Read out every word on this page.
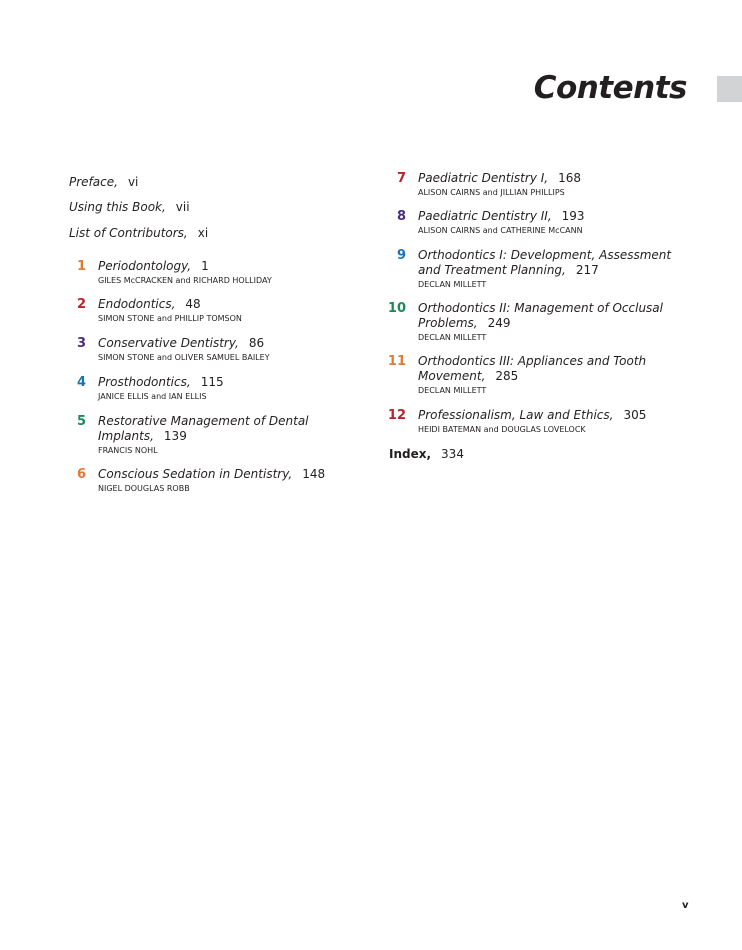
Contents
Preface, vi
Using this Book, vii
List of Contributors, xi
1 Periodontology, 1
GILES McCRACKEN and RICHARD HOLLIDAY
2 Endodontics, 48
SIMON STONE and PHILLIP TOMSON
3 Conservative Dentistry, 86
SIMON STONE and OLIVER SAMUEL BAILEY
4 Prosthodontics, 115
JANICE ELLIS and IAN ELLIS
5 Restorative Management of Dental
Implants, 139
FRANCIS NOHL
6 Conscious Sedation in Dentistry, 148
NIGEL DOUGLAS ROBB
7 Paediatric Dentistry I, 168
ALISON CAIRNS and JILLIAN PHILLIPS
8 Paediatric Dentistry II, 193
ALISON CAIRNS and CATHERINE McCANN
9 Orthodontics I: Development, Assessment
and Treatment Planning, 217
DECLAN MILLETT
10 Orthodontics II: Management of Occlusal
Problems, 249
DECLAN MILLETT
11 Orthodontics III: Appliances and Tooth
Movement, 285
DECLAN MILLETT
12 Professionalism, Law and Ethics, 305
HEIDI BATEMAN and DOUGLAS LOVELOCK
Index, 334
v
